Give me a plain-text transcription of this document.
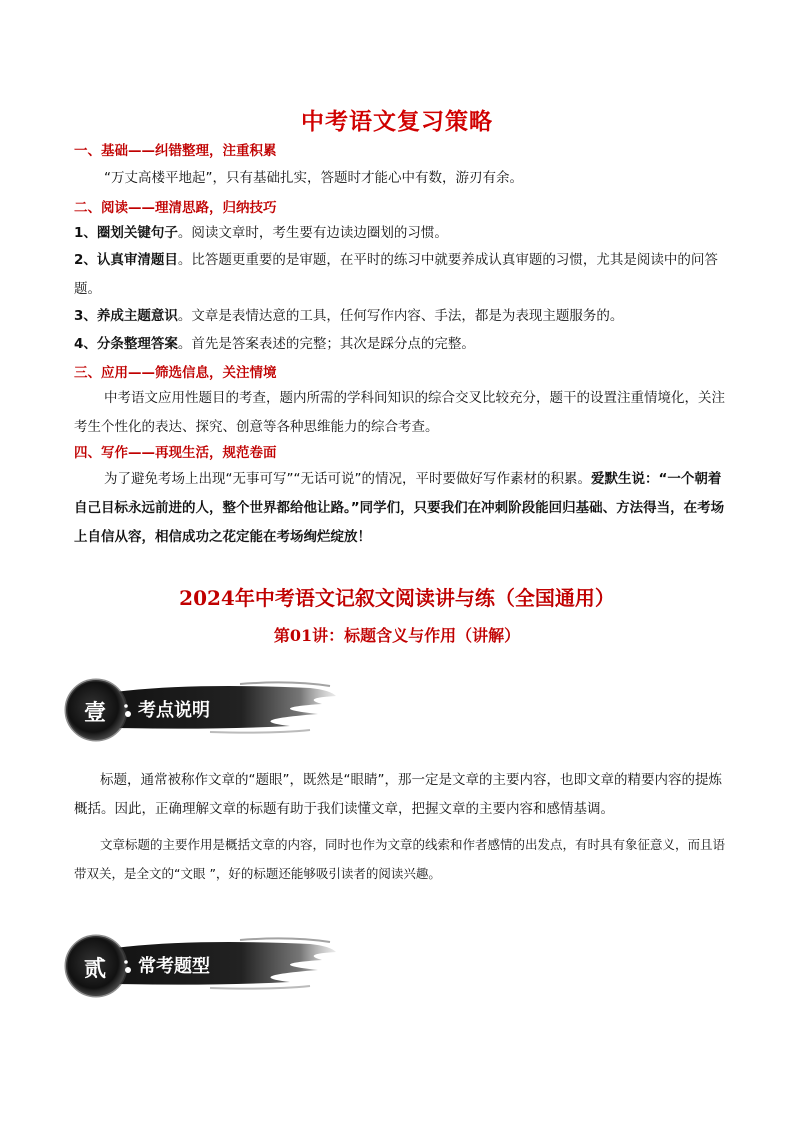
中考语文复习策略
一、基础——纠错整理，注重积累
“万丈高楼平地起”，只有基础扎实，答题时才能心中有数，游刃有余。
二、阅读——理清思路，归纳技巧
1、圈划关键句子。阅读文章时，考生要有边读边圈划的习惯。
2、认真审清题目。比答题更重要的是审题，在平时的练习中就要养成认真审题的习惯，尤其是阅读中的问答题。
3、养成主题意识。文章是表情达意的工具，任何写作内容、手法，都是为表现主题服务的。
4、分条整理答案。首先是答案表述的完整；其次是踩分点的完整。
三、应用——筛选信息，关注情境
中考语文应用性题目的考查，题内所需的学科间知识的综合交叉比较充分，题干的设置注重情境化，关注考生个性化的表达、探究、创意等各种思维能力的综合考查。
四、写作——再现生活，规范卷面
为了避免考场上出现“无事可写”“无话可说”的情况，平时要做好写作素材的积累。爱默生说：“一个朝着自己目标永远前进的人，整个世界都给他让路。”同学们，只要我们在冲刺阶段能回归基础、方法得当，在考场上自信从容，相信成功之花定能在考场绚烂绽放！
2024年中考语文记叙文阅读讲与练（全国通用）
第01讲：标题含义与作用（讲解）
壹 考点说明
标题，通常被称作文章的“题眼”，既然是“眼睛”，那一定是文章的主要内容，也即文章的精要内容的提炼概括。因此，正确理解文章的标题有助于我们读懂文章，把握文章的主要内容和感情基调。
文章标题的主要作用是概括文章的内容，同时也作为文章的线索和作者感情的出发点，有时具有象征意义，而且语带双关，是全文的“文眼 ”，好的标题还能够吸引读者的阅读兴趣。
贰 常考题型
